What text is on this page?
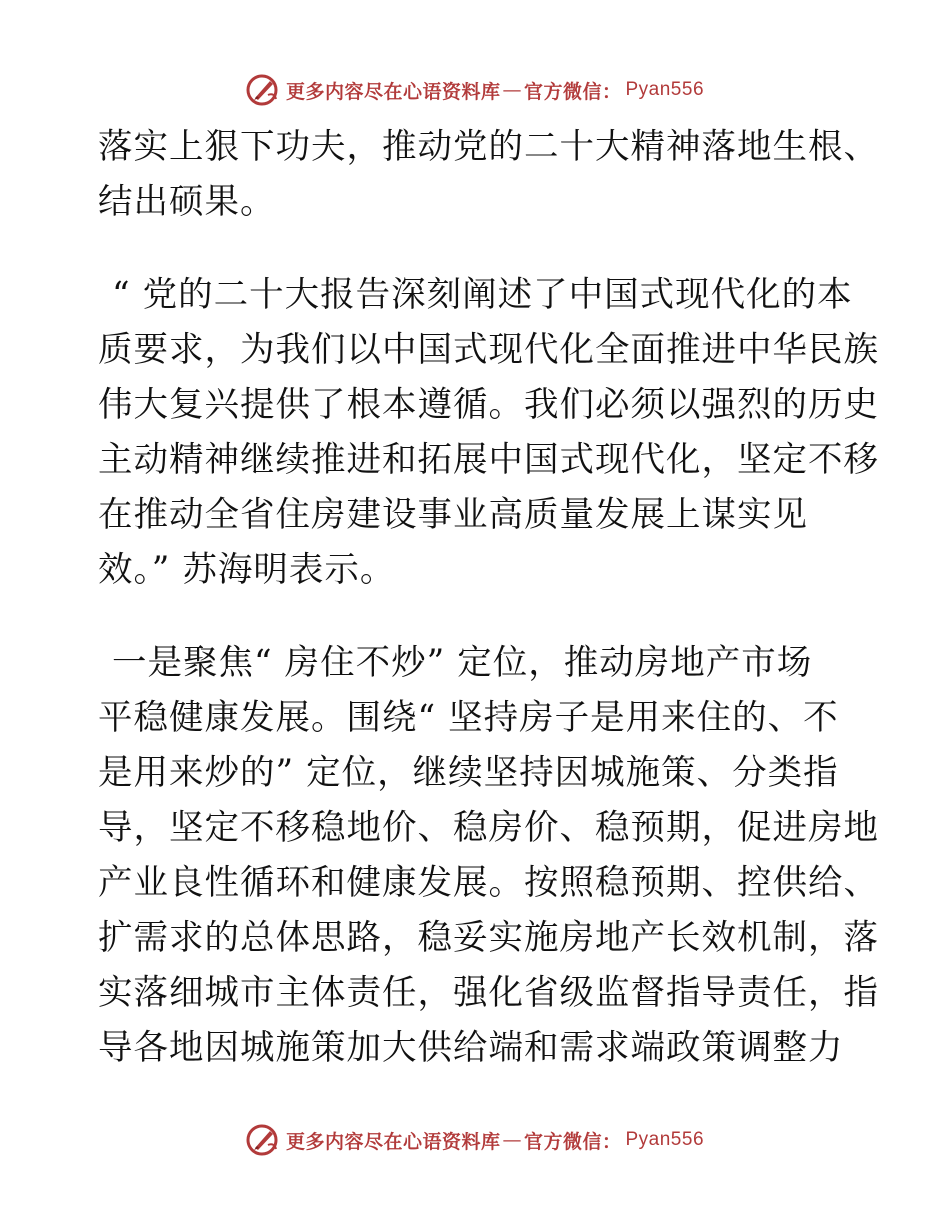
更多内容尽在心语资料库 — 官方微信： Pyan556

落实上狠下功夫，推动党的二十大精神落地生根、
结出硕果。

“ 党的二十大报告深刻阐述了中国式现代化的本
质要求，为我们以中国式现代化全面推进中华民族
伟大复兴提供了根本遵循。我们必须以强烈的历史
主动精神继续推进和拓展中国式现代化，坚定不移
在推动全省住房建设事业高质量发展上谋实见
效。” 苏海明表示。

一是聚焦“ 房住不炒” 定位，推动房地产市场
平稳健康发展。围绕“ 坚持房子是用来住的、不
是用来炒的” 定位，继续坚持因城施策、分类指
导，坚定不移稳地价、稳房价、稳预期，促进房地
产业良性循环和健康发展。按照稳预期、控供给、
扩需求的总体思路，稳妥实施房地产长效机制，落
实落细城市主体责任，强化省级监督指导责任，指
导各地因城施策加大供给端和需求端政策调整力

更多内容尽在心语资料库 — 官方微信： Pyan556
